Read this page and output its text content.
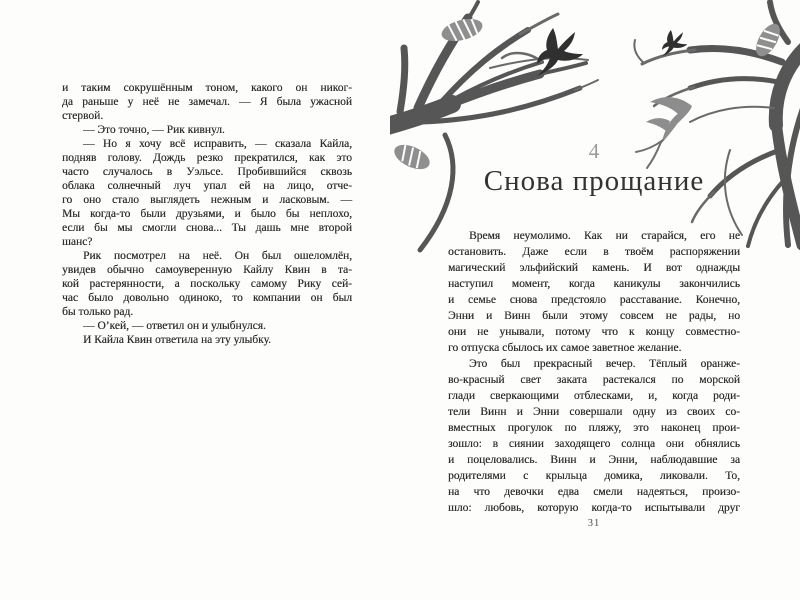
и таким сокрушённым тоном, какого он никог-
да раньше у неё не замечал. — Я была ужасной
стервой.
— Это точно, — Рик кивнул.
— Но я хочу всё исправить, — сказала Кайла,
подняв голову. Дождь резко прекратился, как это
часто случалось в Уэльсе. Пробившийся сквозь
облака солнечный луч упал ей на лицо, отче-
го оно стало выглядеть нежным и ласковым. —
Мы когда-то были друзьями, и было бы неплохо,
если бы мы смогли снова... Ты дашь мне второй
шанс?
Рик посмотрел на неё. Он был ошеломлён,
увидев обычно самоуверенную Кайлу Квин в та-
кой растерянности, а поскольку самому Рику сей-
час было довольно одиноко, то компании он был
бы только рад.
— О’кей, — ответил он и улыбнулся.
И Кайла Квин ответила на эту улыбку.
4
Снова прощание
Время неумолимо. Как ни старайся, его не
остановить. Даже если в твоём распоряжении
магический эльфийский камень. И вот однажды
наступил момент, когда каникулы закончились
и семье снова предстояло расставание. Конечно,
Энни и Винн были этому совсем не рады, но
они не унывали, потому что к концу совместно-
го отпуска сбылось их самое заветное желание.
Это был прекрасный вечер. Тёплый оранже-
во-красный свет заката растекался по морской
глади сверкающими отблесками, и, когда роди-
тели Винн и Энни совершали одну из своих со-
вместных прогулок по пляжу, это наконец прои-
зошло: в сиянии заходящего солнца они обнялись
и поцеловались. Винн и Энни, наблюдавшие за
родителями с крыльца домика, ликовали. То,
на что девочки едва смели надеяться, произо-
шло: любовь, которую когда-то испытывали друг
31
